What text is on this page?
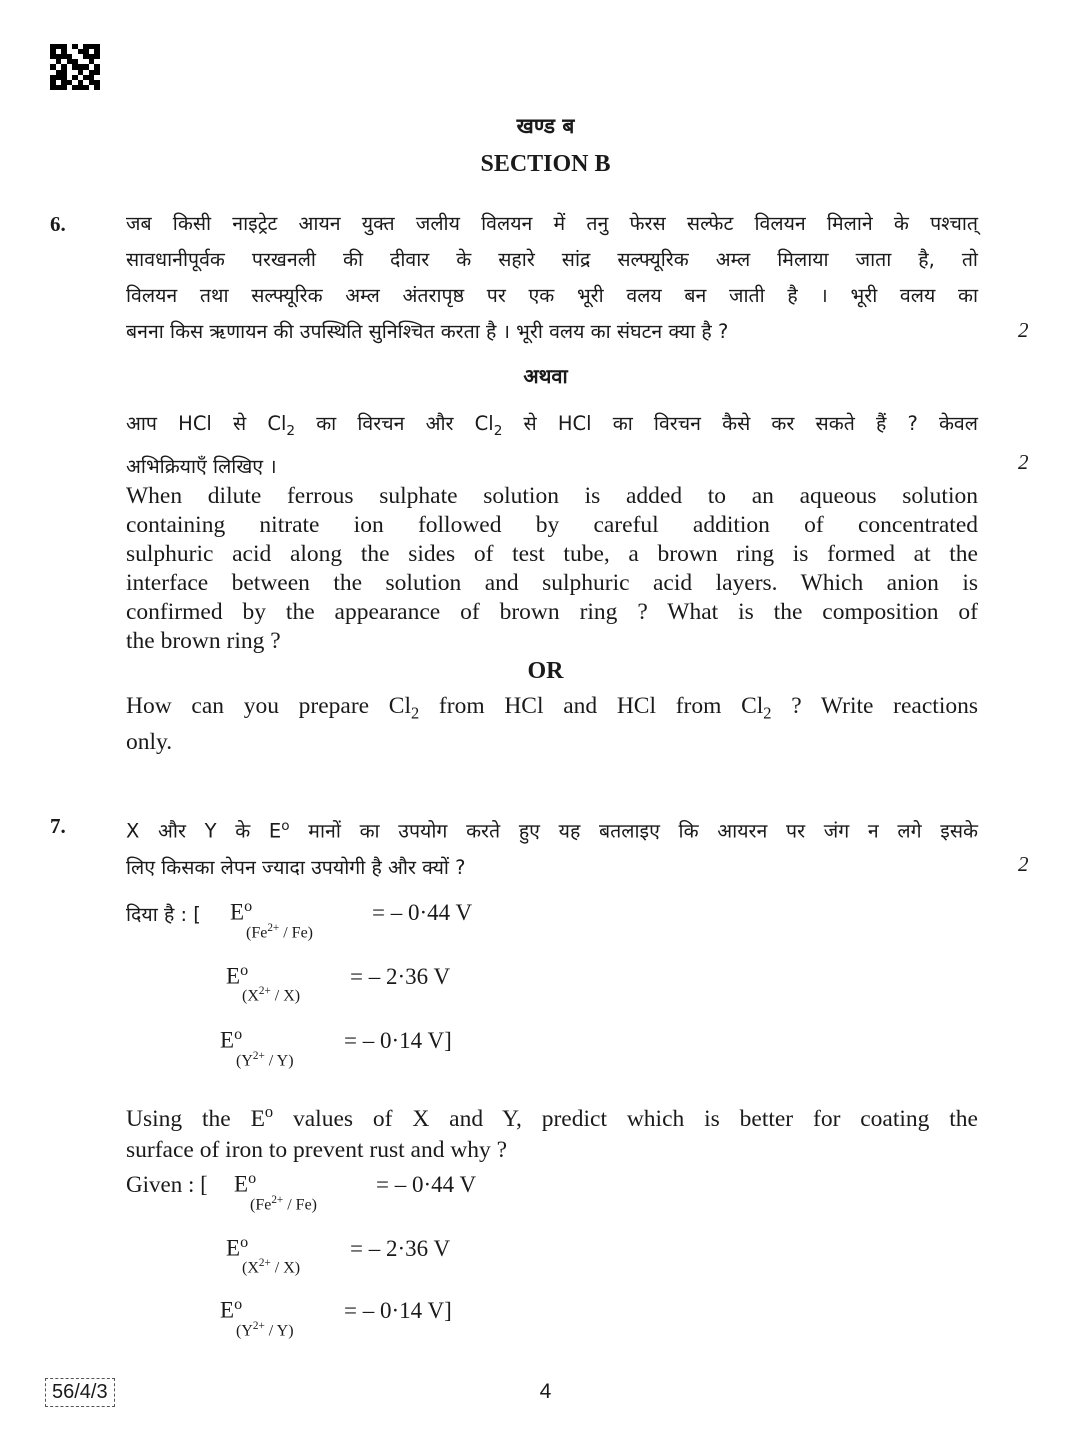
खण्ड ब
SECTION B
6.	जब किसी नाइट्रेट आयन युक्त जलीय विलयन में तनु फेरस सल्फेट विलयन मिलाने के पश्चात्
सावधानीपूर्वक परखनली की दीवार के सहारे सांद्र सल्फ्यूरिक अम्ल मिलाया जाता है, तो
विलयन तथा सल्फ्यूरिक अम्ल अंतरापृष्ठ पर एक भूरी वलय बन जाती है । भूरी वलय का
बनना किस ऋणायन की उपस्थिति सुनिश्चित करता है । भूरी वलय का संघटन क्या है ?	2
अथवा
आप HCl से $Cl_2$ का विरचन और $Cl_2$ से HCl का विरचन कैसे कर सकते हैं ? केवल
अभिक्रियाएँ लिखिए ।	2
When dilute ferrous sulphate solution is added to an aqueous solution
containing nitrate ion followed by careful addition of concentrated
sulphuric acid along the sides of test tube, a brown ring is formed at the
interface between the solution and sulphuric acid layers. Which anion is
confirmed by the appearance of brown ring ? What is the composition of
the brown ring ?
OR
How can you prepare $Cl_2$ from HCl and HCl from $Cl_2$ ? Write reactions
only.
7.	X और Y के $E^o$ मानों का उपयोग करते हुए यह बतलाइए कि आयरन पर जंग न लगे इसके
लिए किसका लेपन ज्यादा उपयोगी है और क्यों ?	2
दिया है : [ $E^o$
$(Fe^{2+} / Fe)$
= – 0·44 V
$E^o$
$(X^{2+} / X)$
= – 2·36 V
$E^o$
$(Y^{2+} / Y)$
= – 0·14 V]
Using the $E^o$ values of X and Y, predict which is better for coating the
surface of iron to prevent rust and why ?
Given : [ $E^o$
$(Fe^{2+} / Fe)$
= – 0·44 V
$E^o$
$(X^{2+} / X)$
= – 2·36 V
$E^o$
$(Y^{2+} / Y)$
= – 0·14 V]
56/4/3	4
